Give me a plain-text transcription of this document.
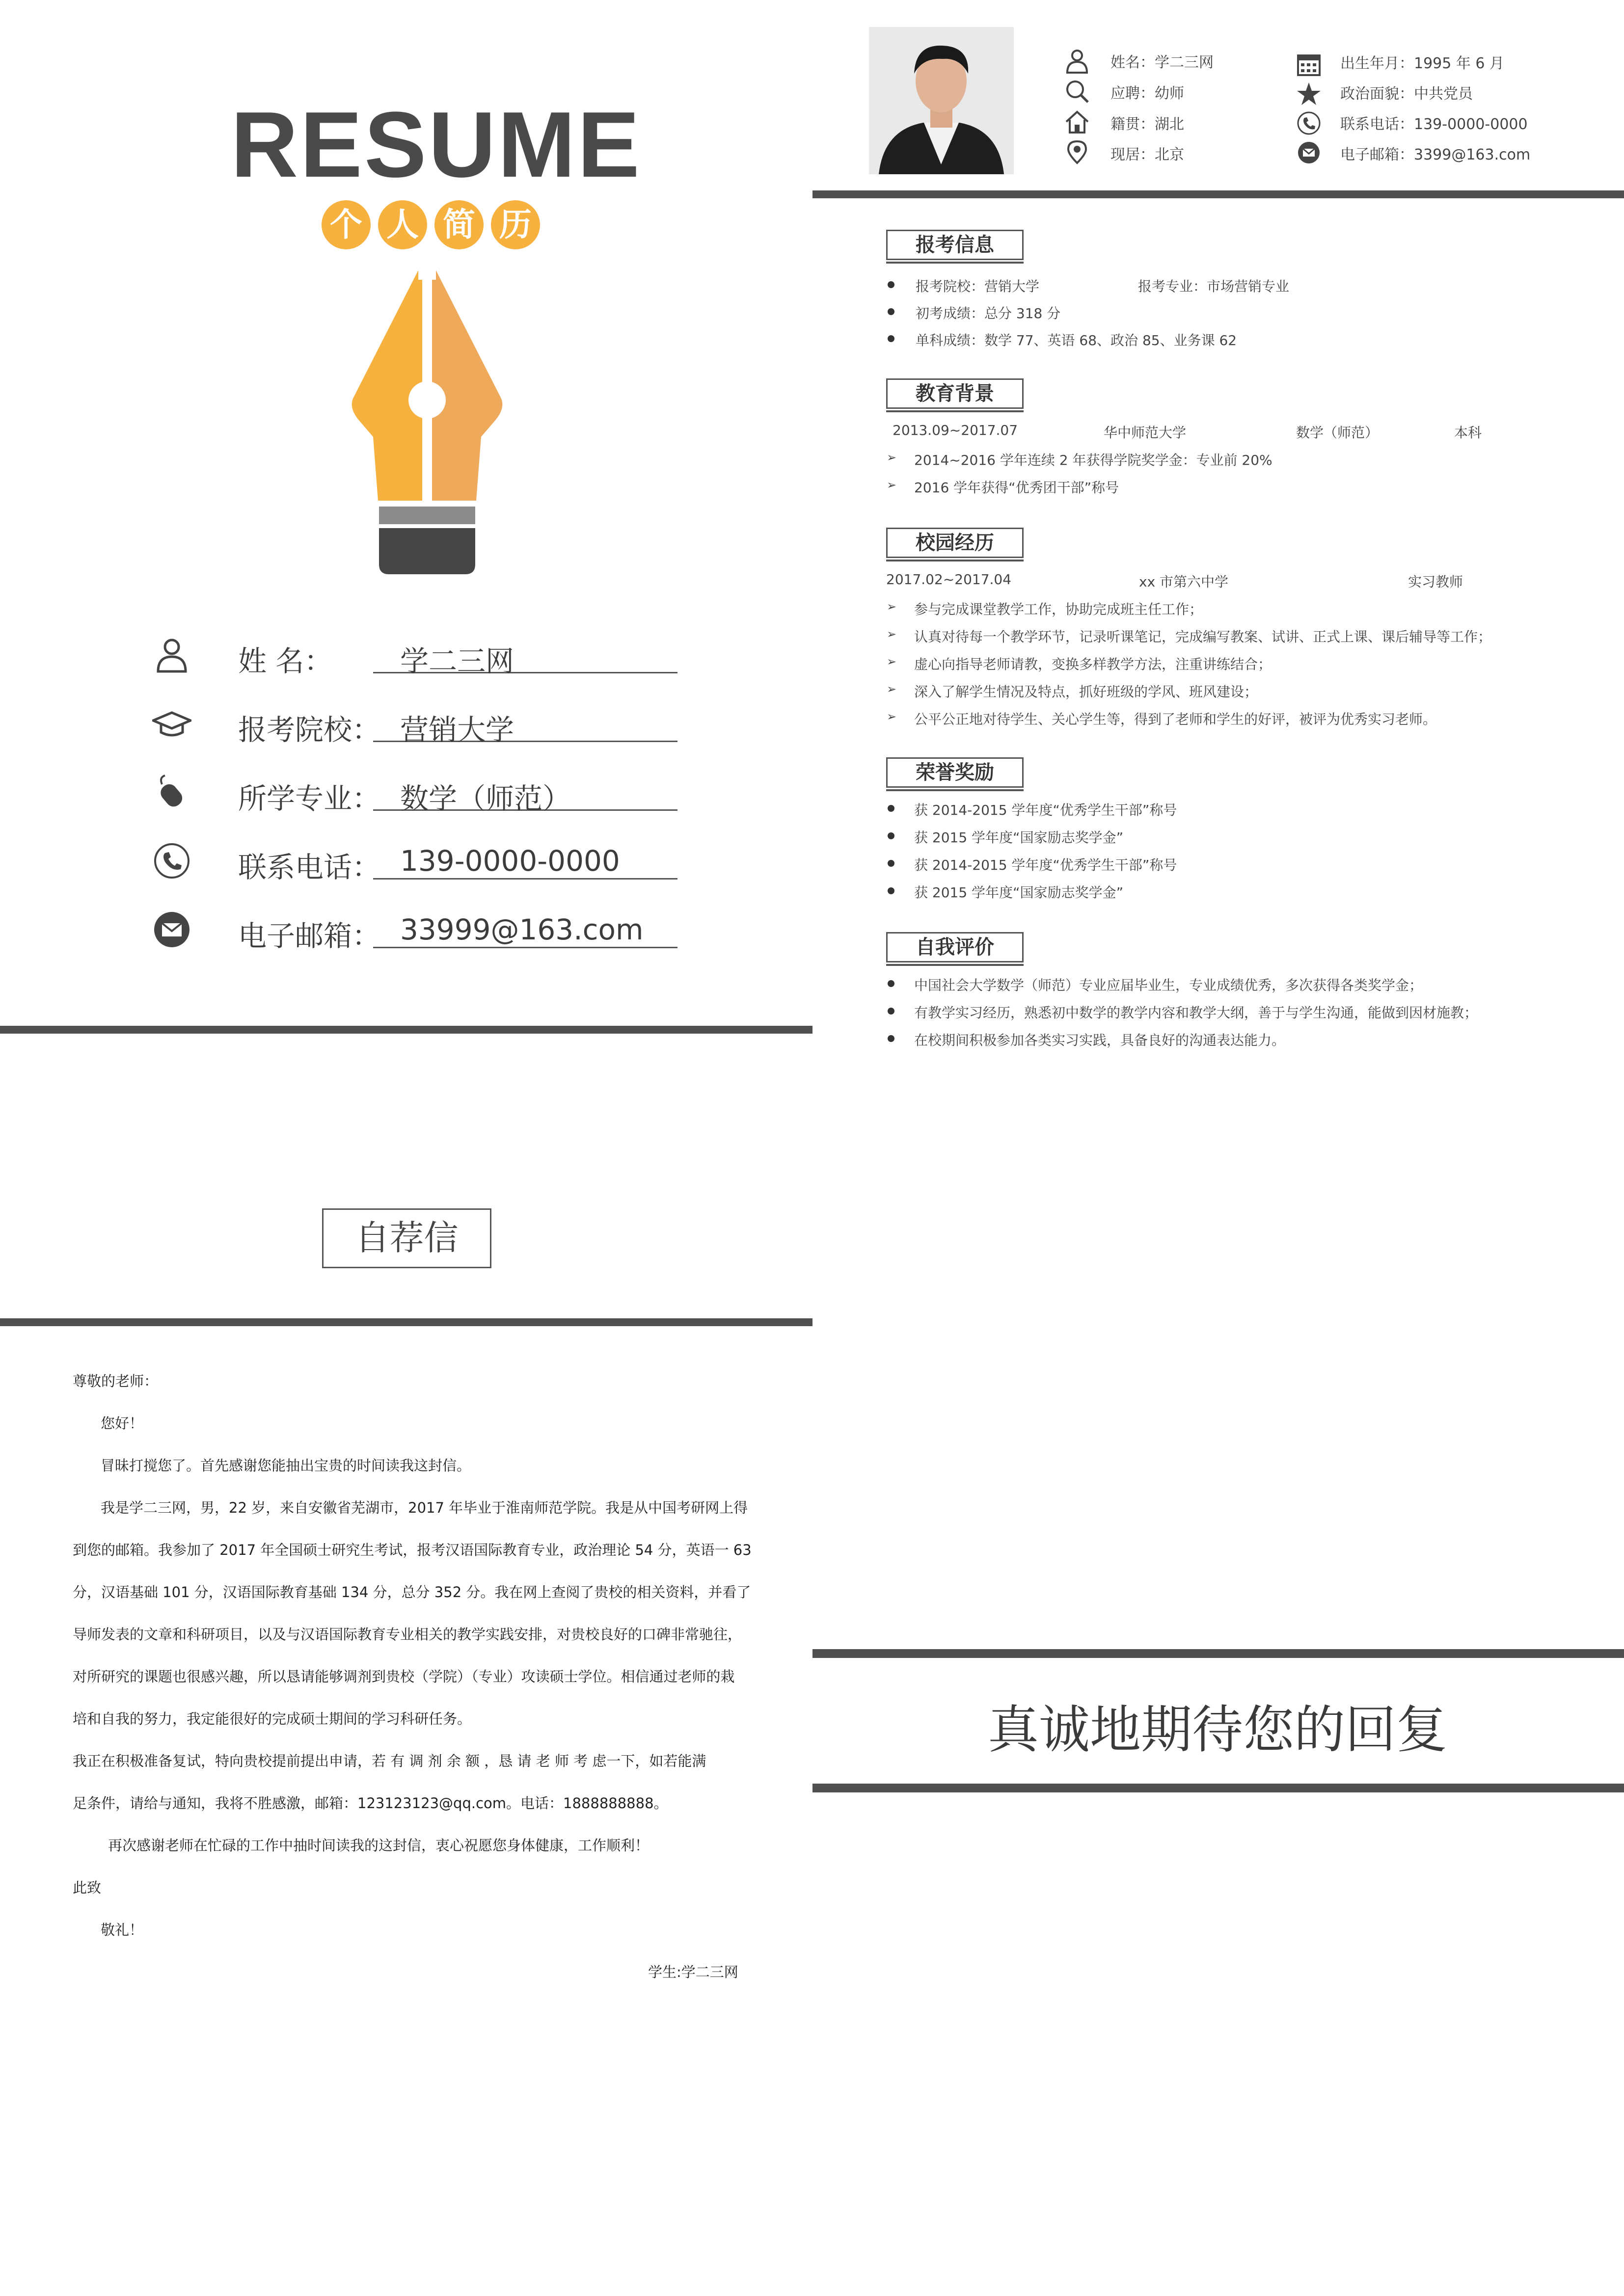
RESUME
个 人 简 历
姓 名：	学二三网
报考院校： 营销大学
所学专业： 数学（师范）
联系电话： 139-0000-0000
电子邮箱： 33999@163.com
姓名：学二三网
应聘：幼师
籍贯：湖北
现居：北京
出生年月：1995 年 6 月
政治面貌：中共党员
联系电话：139-0000-0000
电子邮箱：3399@163.com
报考信息
报考院校：营销大学	报考专业：市场营销专业
初考成绩：总分 318 分
单科成绩：数学 77、英语 68、政治 85、业务课 62
教育背景
2013.09~2017.07	华中师范大学	数学（师范）	本科
➢ 2014~2016 学年连续 2 年获得学院奖学金：专业前 20%
➢ 2016 学年获得“优秀团干部”称号
校园经历
2017.02~2017.04	xx 市第六中学	实习教师
➢ 参与完成课堂教学工作，协助完成班主任工作；
➢ 认真对待每一个教学环节，记录听课笔记，完成编写教案、试讲、正式上课、课后辅导等工作；
➢ 虚心向指导老师请教，变换多样教学方法，注重讲练结合；
➢ 深入了解学生情况及特点，抓好班级的学风、班风建设；
➢ 公平公正地对待学生、关心学生等，得到了老师和学生的好评，被评为优秀实习老师。
荣誉奖励
获 2014-2015 学年度“优秀学生干部”称号
获 2015 学年度“国家励志奖学金”
获 2014-2015 学年度“优秀学生干部”称号
获 2015 学年度“国家励志奖学金”
自我评价
中国社会大学数学（师范）专业应届毕业生，专业成绩优秀，多次获得各类奖学金；
有教学实习经历，熟悉初中数学的教学内容和教学大纲，善于与学生沟通，能做到因材施教；
在校期间积极参加各类实习实践，具备良好的沟通表达能力。
自荐信
尊敬的老师：
您好！
冒昧打搅您了。首先感谢您能抽出宝贵的时间读我这封信。
我是学二三网，男，22 岁，来自安徽省芜湖市，2017 年毕业于淮南师范学院。我是从中国考研网上得
到您的邮箱。我参加了 2017 年全国硕士研究生考试，报考汉语国际教育专业，政治理论 54 分，英语一 63
分，汉语基础 101 分，汉语国际教育基础 134 分，总分 352 分。我在网上查阅了贵校的相关资料，并看了
导师发表的文章和科研项目，以及与汉语国际教育专业相关的教学实践安排，对贵校良好的口碑非常驰往，
对所研究的课题也很感兴趣，所以恳请能够调剂到贵校（学院）（专业）攻读硕士学位。相信通过老师的栽
培和自我的努力，我定能很好的完成硕士期间的学习科研任务。
我正在积极准备复试，特向贵校提前提出申请，若 有 调 剂 余 额 ，恳 请 老 师 考 虑一下，如若能满
足条件，请给与通知，我将不胜感激，邮箱：123123123@qq.com。电话：1888888888。
再次感谢老师在忙碌的工作中抽时间读我的这封信，衷心祝愿您身体健康，工作顺利！
此致
敬礼！
学生:学二三网
真诚地期待您的回复
